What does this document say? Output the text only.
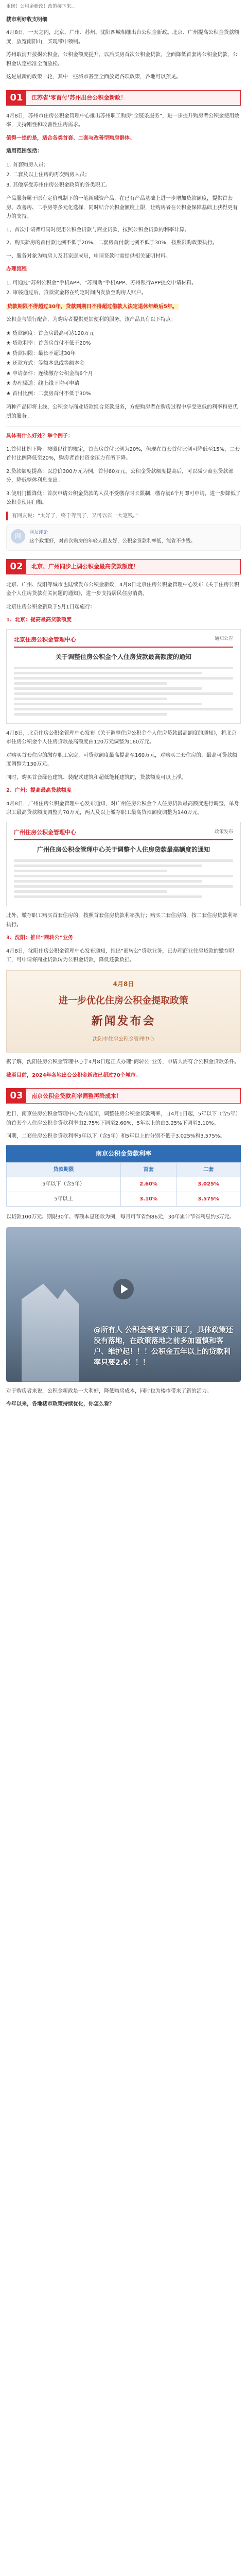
重磅！公积金新政！政策接下来。。。

楼市利好收支明细

4月8日，一天之内，北京、广州、苏州、沈阳四城相继出台公积金新政。北京、广州提高公积金贷款额度，放宽南阳山，买现带申领制。

苏州取消开按揭公积金，公积金额度提升，以后买房首次公积金贷款，全面降低首套房公积金贷款，公积金认定标准全面放松。

这是最新的政策一轮，其中一些城市甚至全面放宽各项政策，各地可以预见。

01	江苏省‘零首付’苏州出台公积金新政！

4月8日，苏州市住房公积金管理中心推出苏州职工购房“全链条服务”，进一步提升购房者公积金使用效率，支持刚性和改善性住房需求。

值得一提的是，适合各类首套、二套与改善型购房群体。

适用范围包括：

1. 首套购房人员；
2. 二套及以上住房的再次购房人员；
3. 其他享受苏州住房公积金政策的各类职工。

产品服务属于原有定价机制下的一笔新融资产品，在已有产品基础上进一步增加贷款额度，提供首套房、改善房、二手房等多元化选择，同时结合公积金额度上限，让购房者在公积金保障基础上获得更有力的支持。

1、首次申请者可同时使用公积金贷款与商业贷款，按照公积金贷款的利率计算。

2、购买新房的首付款比例不低于20%，二套房首付款比例不低于30%，按照限购政策执行。

一、服务对象为购房人及其家庭成员，申请贷款时需提供相关证明材料。

办理流程

1. 可通过“苏州公积金”手机APP、“苏商助”手机APP、苏州银行APP提交申请材料。
2. 审核通过后，贷款资金将在约定时间内发放至购房人账户。

贷款期限不得超过30年，贷款到期日不得超过借款人法定退休年龄后5年。

公积金与银行配合，为购房者提供更加便利的服务。该产品具有以下特点：

★ 贷款额度：首套房最高可达120万元
★ 贷款利率：首套房首付不低于20%
★ 贷款期限：最长不超过30年
★ 还款方式：等额本息或等额本金
★ 申请条件：连续缴存公积金满6个月
★ 办理渠道：线上线下均可申请
★ 首付比例：二套房首付不低于30%

两种产品即将上线，公积金与商业贷款组合贷款服务，方便购房者在购房过程中享受更低的利率和更优质的服务。

具体有什么好处？举个例子：

1.首付比例下降：按照以往的规定，首套房首付比例为20%，但现在首套首付比例可降低至15%，二套首付比例降低至20%，购房者首付资金压力有所下降。

2.贷款额度提高：以总价300万元为例，首付60万元，公积金贷款额度提高后，可以减少商业贷款部分，降低整体利息支出。

3.使用门槛降低：首次申请公积金贷款的人员不受缴存时长限制，缴存满6个月即可申请，进一步降低了公积金使用门槛。

有网友说：“太好了，终于等到了，又可以省一大笔钱。”
网	网友评论
这个政策好，对首次购房的年轻人很友好，公积金贷款利率低，能省不少钱。
02	北京、广州同步上调公积金最高贷款额度！

北京、广州、沈阳等城市也陆续发布公积金新政，4月8日北京住房公积金管理中心发布《关于住房公积金个人住房贷款有关问题的通知》，进一步支持居民住房消费。

北京住房公积金新政于5月1日起施行：

1、北京：提高最高贷款额度

北京住房公积金管理中心	通知公告
关于调整住房公积金个人住房贷款最高额度的通知

4月8日，北京住房公积金管理中心发布《关于调整住房公积金个人住房贷款最高额度的通知》，将北京市住房公积金个人住房贷款最高额度由120万元调整为160万元。

对购买首套住房的缴存职工家庭，可贷款额度最高提高至160万元，对购买二套住房的，最高可贷款额度调整为130万元。

同时，购买首套绿色建筑、装配式建筑和超低能耗建筑的，贷款额度可以上浮。

2、广州：提高最高贷款额度

4月8日，广州住房公积金管理中心发布通知，对广州住房公积金个人住房贷款最高额度进行调整，单身职工最高贷款额度调整为70万元，两人及以上缴存职工最高贷款额度调整为140万元。

广州住房公积金管理中心	政策发布
广州住房公积金管理中心关于调整个人住房贷款最高额度的通知

此外，缴存职工购买首套住房的，按照首套住房贷款利率执行；购买二套住房的，按二套住房贷款利率执行。

3、沈阳：推出“商转公”业务

4月8日，沈阳住房公积金管理中心发布通知，推出“商转公”贷款业务，已办理商业住房贷款的缴存职工，可申请将商业贷款转为公积金贷款，降低还款负担。

4月8日
进一步优化住房公积金提取政策
新闻发布会
沈阳市住房公积金管理中心

据了解，沈阳住房公积金管理中心于4月8日起正式办理“商转公”业务，申请人需符合公积金贷款条件。

截至目前，2024年各地出台公积金新政已超过70个城市。

03	南京公积金贷款利率调整再降成本！

近日，南京住房公积金管理中心发布通知，调整住房公积金贷款利率，自4月1日起，5年以下（含5年）的首套个人住房公积金贷款利率由2.75%下调至2.60%，5年以上的由3.25%下调至3.10%。

同期，二套住房公积金贷款利率5年以下（含5年）和5年以上的分别不低于3.025%和3.575%。

南京公积金贷款利率
贷款期限	首套	二套
5年以下（含5年）	2.60%	3.025%
5年以上	3.10%	3.575%

以贷款100万元、期限30年、等额本息还款为例，每月可节省约86元，30年累计节省利息约3万元。

@所有人 公积金利率要下调了，具体政策还没有落地，在政策落地之前多加谨慎和客户、维护起！！！公积金五年以上的贷款利率只要2.6！！！

对于购房者来说，公积金新政是一大利好，降低购房成本，同时也为楼市带来了新的活力。

今年以来，各地楼市政策持续优化，你怎么看？
